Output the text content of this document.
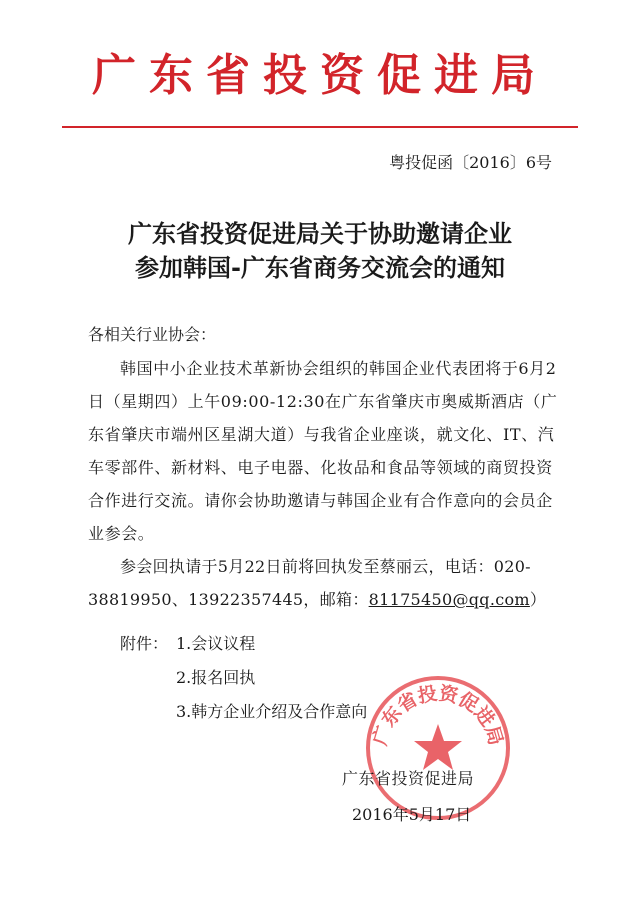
广东省投资促进局
粤投促函〔2016〕6号
广东省投资促进局关于协助邀请企业
参加韩国-广东省商务交流会的通知
各相关行业协会：
韩国中小企业技术革新协会组织的韩国企业代表团将于6月2日（星期四）上午09:00-12:30在广东省肇庆市奥威斯酒店（广东省肇庆市端州区星湖大道）与我省企业座谈，就文化、IT、汽车零部件、新材料、电子电器、化妆品和食品等领域的商贸投资合作进行交流。请你会协助邀请与韩国企业有合作意向的会员企业参会。
参会回执请于5月22日前将回执发至蔡丽云，电话：020-38819950、13922357445，邮箱：81175450@qq.com）
附件： 1.会议议程
2.报名回执
3.韩方企业介绍及合作意向
广东省投资促进局
广东省投资促进局
2016年5月17日
